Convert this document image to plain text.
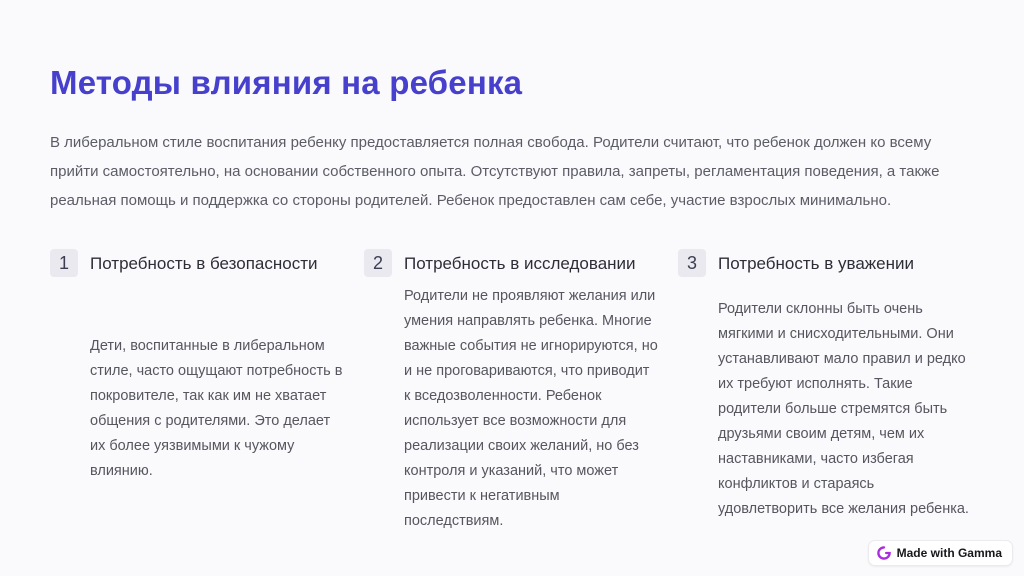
Методы влияния на ребенка

В либеральном стиле воспитания ребенку предоставляется полная свобода. Родители считают, что ребенок должен ко всему прийти самостоятельно, на основании собственного опыта. Отсутствуют правила, запреты, регламентация поведения, а также реальная помощь и поддержка со стороны родителей. Ребенок предоставлен сам себе, участие взрослых минимально.

1	Потребность в безопасности

Дети, воспитанные в либеральном стиле, часто ощущают потребность в покровителе, так как им не хватает общения с родителями. Это делает их более уязвимыми к чужому влиянию.

2	Потребность в исследовании

Родители не проявляют желания или умения направлять ребенка. Многие важные события не игнорируются, но и не проговариваются, что приводит к вседозволенности. Ребенок использует все возможности для реализации своих желаний, но без контроля и указаний, что может привести к негативным последствиям.

3	Потребность в уважении

Родители склонны быть очень мягкими и снисходительными. Они устанавливают мало правил и редко их требуют исполнять. Такие родители больше стремятся быть друзьями своим детям, чем их наставниками, часто избегая конфликтов и стараясь удовлетворить все желания ребенка.

Made with Gamma
